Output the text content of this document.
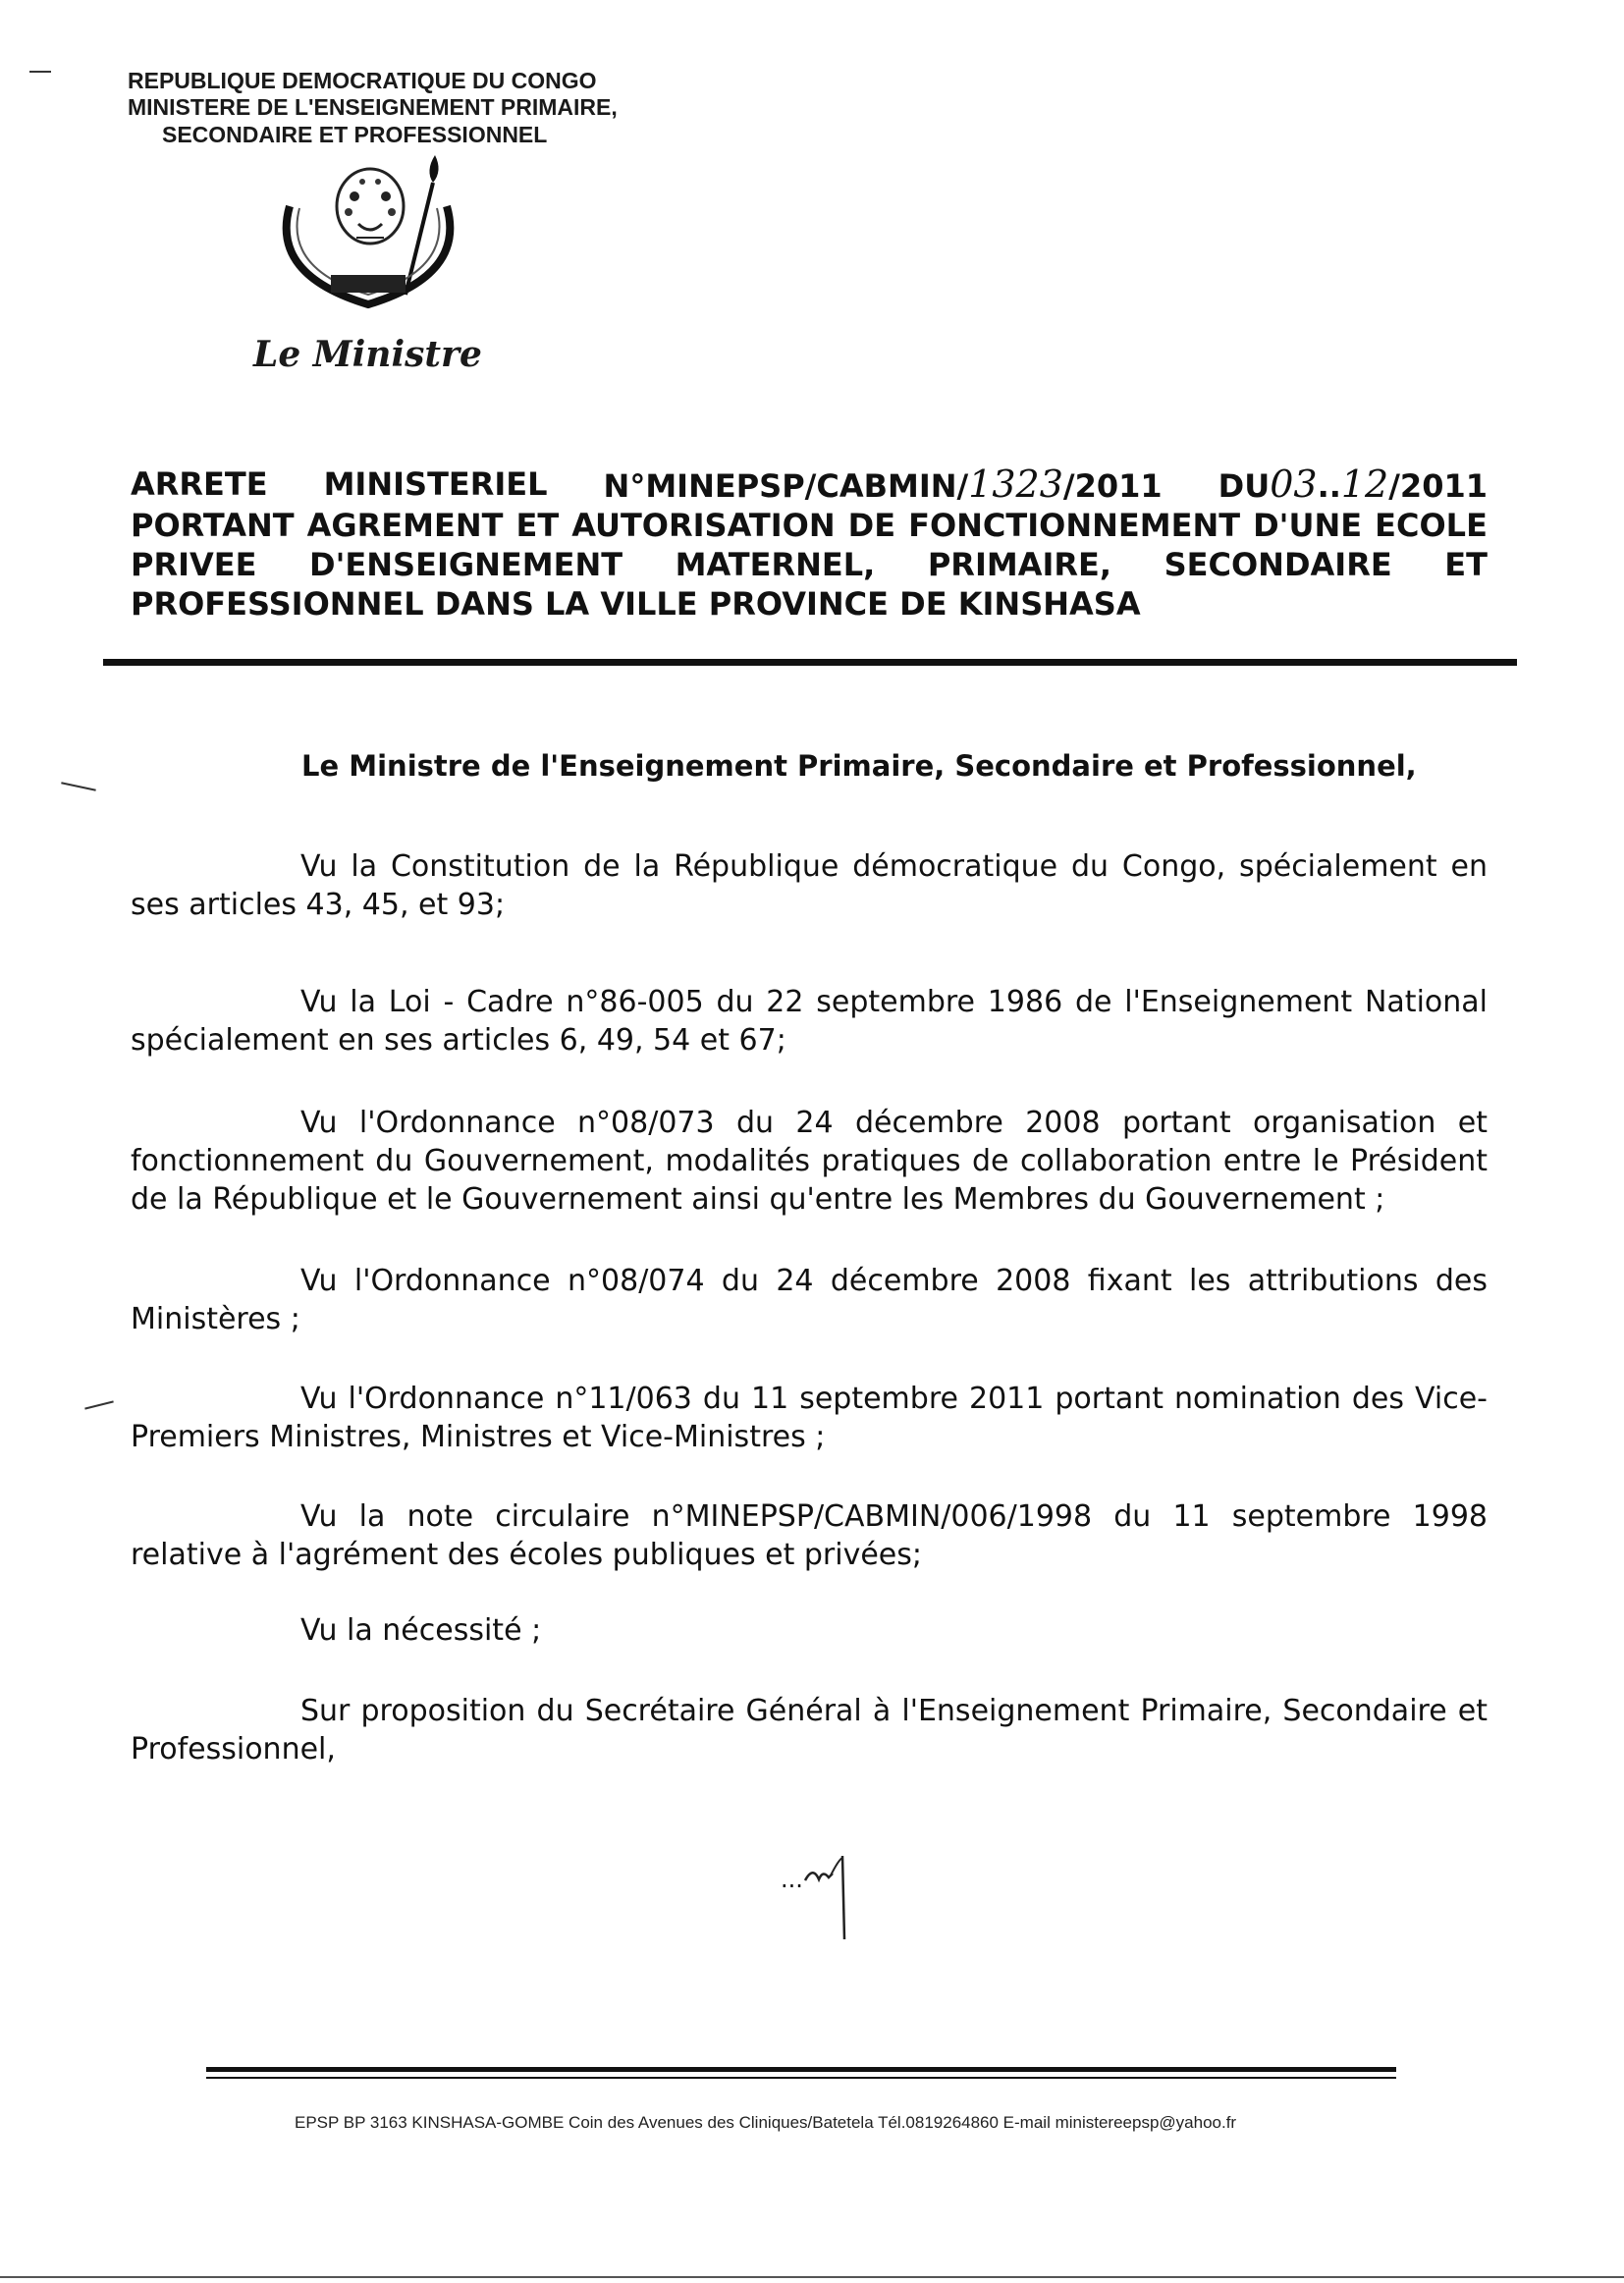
REPUBLIQUE DEMOCRATIQUE DU CONGO
MINISTERE DE L'ENSEIGNEMENT PRIMAIRE,
SECONDAIRE ET PROFESSIONNEL
Le Ministre
ARRETE MINISTERIEL N°MINEPSP/CABMIN/1323/2011 DU03..12/2011
PORTANT AGREMENT ET AUTORISATION DE FONCTIONNEMENT D'UNE ECOLE
PRIVEE D'ENSEIGNEMENT MATERNEL, PRIMAIRE, SECONDAIRE ET
PROFESSIONNEL DANS LA VILLE PROVINCE DE KINSHASA
Le Ministre de l'Enseignement Primaire, Secondaire et Professionnel,

Vu la Constitution de la République démocratique du Congo, spécialement en ses articles 43, 45, et 93;

Vu la Loi - Cadre n°86-005 du 22 septembre 1986 de l'Enseignement National spécialement en ses articles 6, 49, 54 et 67;

Vu l'Ordonnance n°08/073 du 24 décembre 2008 portant organisation et fonctionnement du Gouvernement, modalités pratiques de collaboration entre le Président de la République et le Gouvernement ainsi qu'entre les Membres du Gouvernement ;

Vu l'Ordonnance n°08/074 du 24 décembre 2008 fixant les attributions des Ministères ;

Vu l'Ordonnance n°11/063 du 11 septembre 2011 portant nomination des Vice-Premiers Ministres, Ministres et Vice-Ministres ;

Vu la note circulaire n°MINEPSP/CABMIN/006/1998 du 11 septembre 1998 relative à l'agrément des écoles publiques et privées;

Vu la nécessité ;

Sur proposition du Secrétaire Général à l'Enseignement Primaire, Secondaire et Professionnel,

...
EPSP BP 3163 KINSHASA-GOMBE Coin des Avenues des Cliniques/Batetela Tél.0819264860 E-mail ministereepsp@yahoo.fr
